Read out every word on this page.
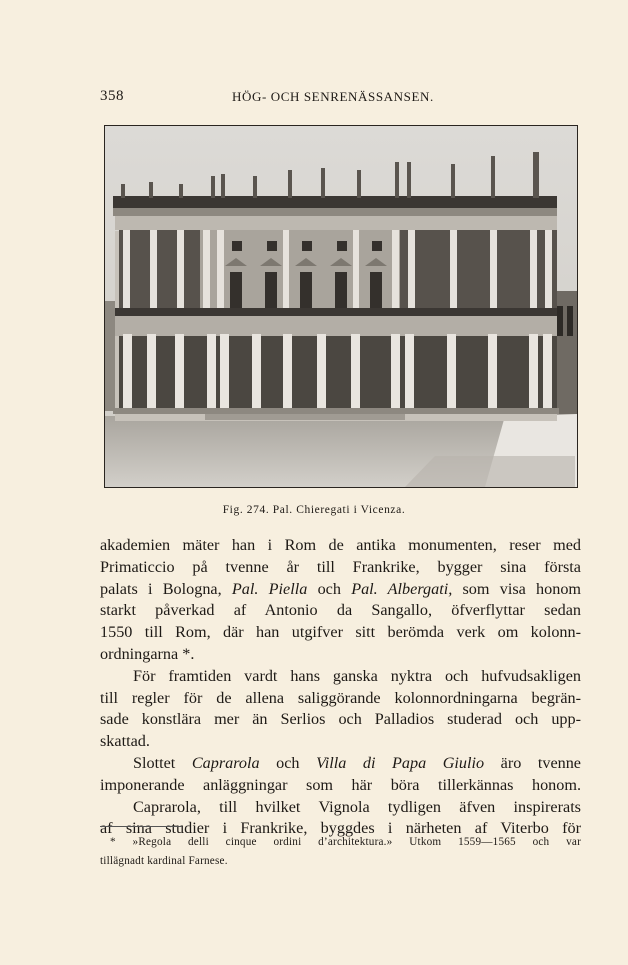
358	HÖG- OCH SENRENÄSSANSEN.
Fig. 274. Pal. Chieregati i Vicenza.
akademien mäter han i Rom de antika monumenten, reser med
Primaticcio på tvenne år till Frankrike, bygger sina första
palats i Bologna, Pal. Piella och Pal. Albergati, som visa honom
starkt påverkad af Antonio da Sangallo, öfverflyttar sedan
1550 till Rom, där han utgifver sitt berömda verk om kolonn-
ordningarna *.
För framtiden vardt hans ganska nyktra och hufvudsakligen
till regler för de allena saliggörande kolonnordningarna begrän-
sade konstlära mer än Serlios och Palladios studerad och upp-
skattad.
Slottet Caprarola och Villa di Papa Giulio äro tvenne
imponerande anläggningar som här böra tillerkännas honom.
Caprarola, till hvilket Vignola tydligen äfven inspirerats
af sina studier i Frankrike, byggdes i närheten af Viterbo för
* »Regola delli cinque ordini d’architektura.» Utkom 1559—1565 och var
tillägnadt kardinal Farnese.
